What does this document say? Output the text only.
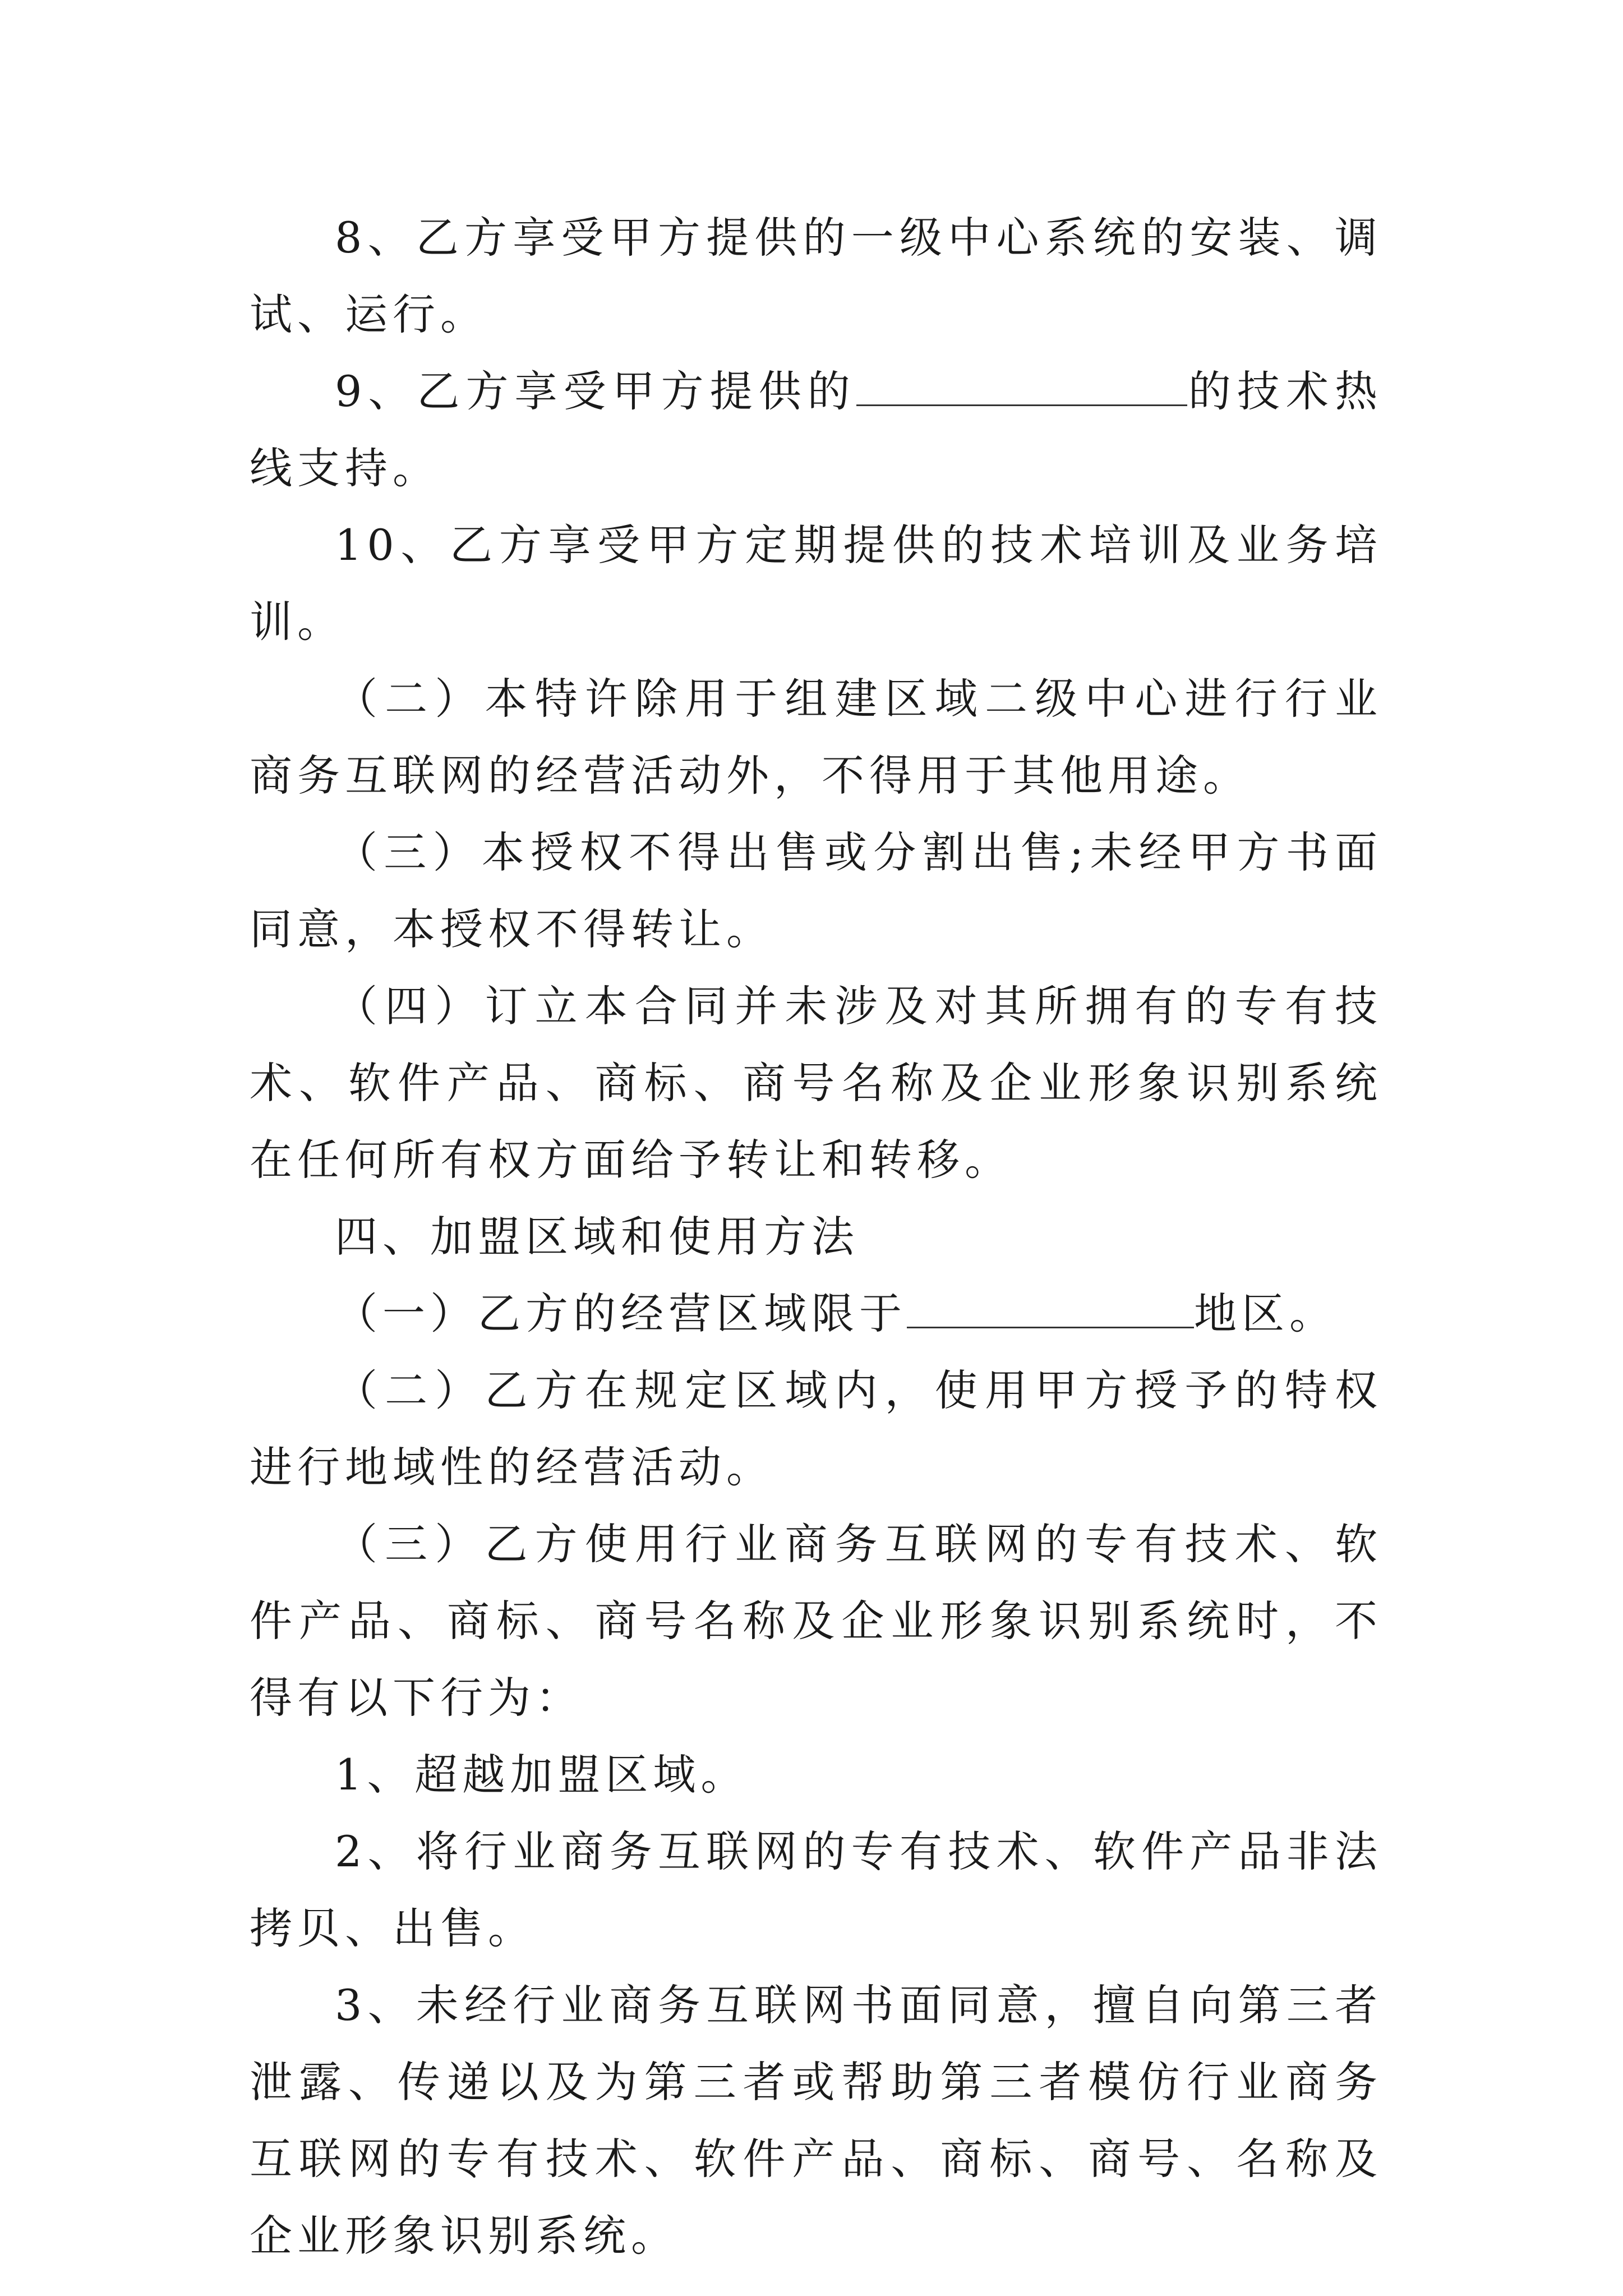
8、乙方享受甲方提供的一级中心系统的安装、调试、运行。

9、乙方享受甲方提供的	的技术热线支持。

10、乙方享受甲方定期提供的技术培训及业务培训。

（二）本特许除用于组建区域二级中心进行行业商务互联网的经营活动外，不得用于其他用途。

（三）本授权不得出售或分割出售;未经甲方书面同意，本授权不得转让。

（四）订立本合同并未涉及对其所拥有的专有技术、软件产品、商标、商号名称及企业形象识别系统在任何所有权方面给予转让和转移。

四、加盟区域和使用方法

（一）乙方的经营区域限于	地区。

（二）乙方在规定区域内，使用甲方授予的特权进行地域性的经营活动。

（三）乙方使用行业商务互联网的专有技术、软件产品、商标、商号名称及企业形象识别系统时，不得有以下行为：

1、超越加盟区域。

2、将行业商务互联网的专有技术、软件产品非法拷贝、出售。

3、未经行业商务互联网书面同意，擅自向第三者泄露、传递以及为第三者或帮助第三者模仿行业商务互联网的专有技术、软件产品、商标、商号、名称及企业形象识别系统。
